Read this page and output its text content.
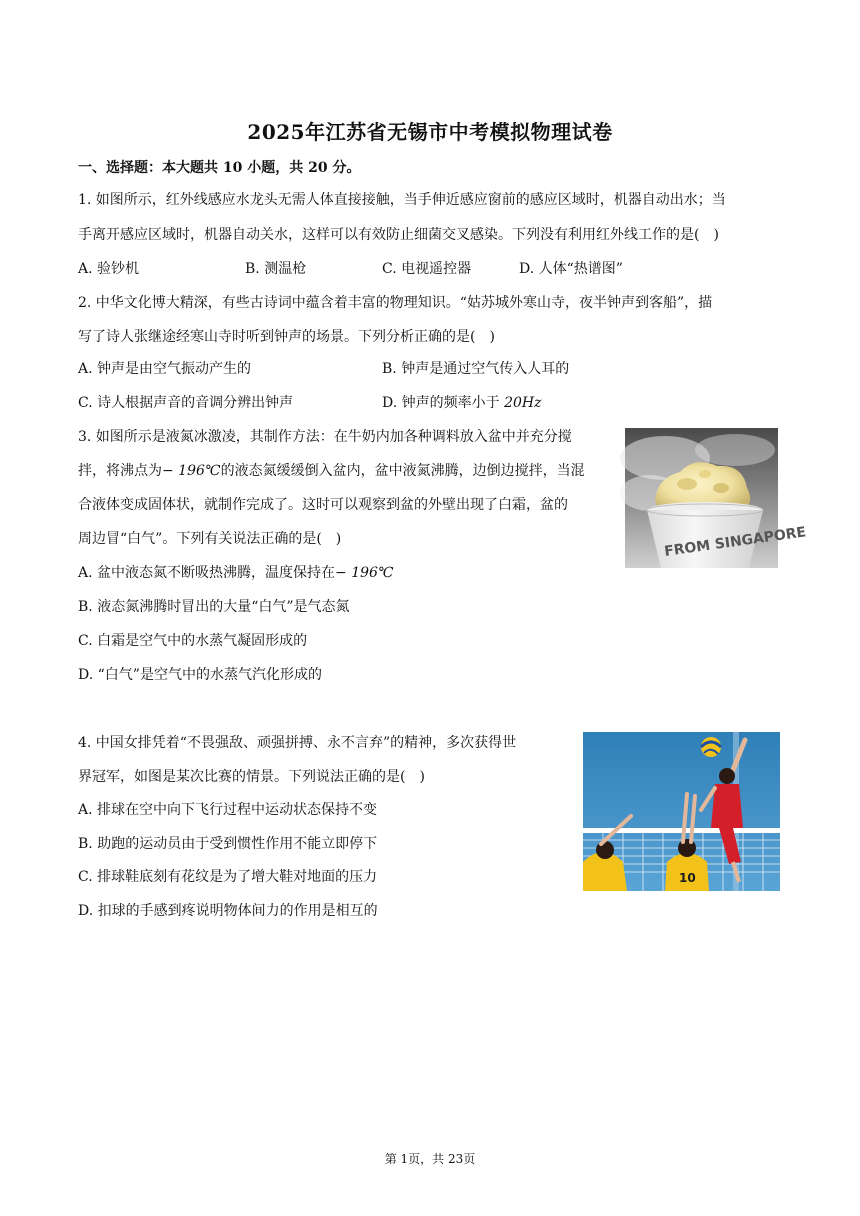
2025年江苏省无锡市中考模拟物理试卷
一、选择题：本大题共 10 小题，共 20 分。
1. 如图所示，红外线感应水龙头无需人体直接接触，当手伸近感应窗前的感应区域时，机器自动出水；当
手离开感应区域时，机器自动关水，这样可以有效防止细菌交叉感染。下列没有利用红外线工作的是(　)
A. 验钞机	B. 测温枪	C. 电视遥控器	D. 人体“热谱图”
2. 中华文化博大精深，有些古诗词中蕴含着丰富的物理知识。“姑苏城外寒山寺，夜半钟声到客船”，描
写了诗人张继途经寒山寺时听到钟声的场景。下列分析正确的是(　)
A. 钟声是由空气振动产生的	B. 钟声是通过空气传入人耳的
C. 诗人根据声音的音调分辨出钟声	D. 钟声的频率小于 20Hz
3. 如图所示是液氮冰激凌，其制作方法：在牛奶内加各种调料放入盆中并充分搅
拌，将沸点为− 196℃的液态氮缓缓倒入盆内，盆中液氮沸腾，边倒边搅拌，当混
合液体变成固体状，就制作完成了。这时可以观察到盆的外壁出现了白霜，盆的
周边冒“白气”。下列有关说法正确的是(　)
A. 盆中液态氮不断吸热沸腾，温度保持在− 196℃
B. 液态氮沸腾时冒出的大量“白气”是气态氮
C. 白霜是空气中的水蒸气凝固形成的
D. “白气”是空气中的水蒸气汽化形成的
FROM SINGAPORE
4. 中国女排凭着“不畏强敌、顽强拼搏、永不言弃”的精神，多次获得世
界冠军，如图是某次比赛的情景。下列说法正确的是(　)
A. 排球在空中向下飞行过程中运动状态保持不变
B. 助跑的运动员由于受到惯性作用不能立即停下
C. 排球鞋底刻有花纹是为了增大鞋对地面的压力
D. 扣球的手感到疼说明物体间力的作用是相互的
10
第 1页，共 23页
